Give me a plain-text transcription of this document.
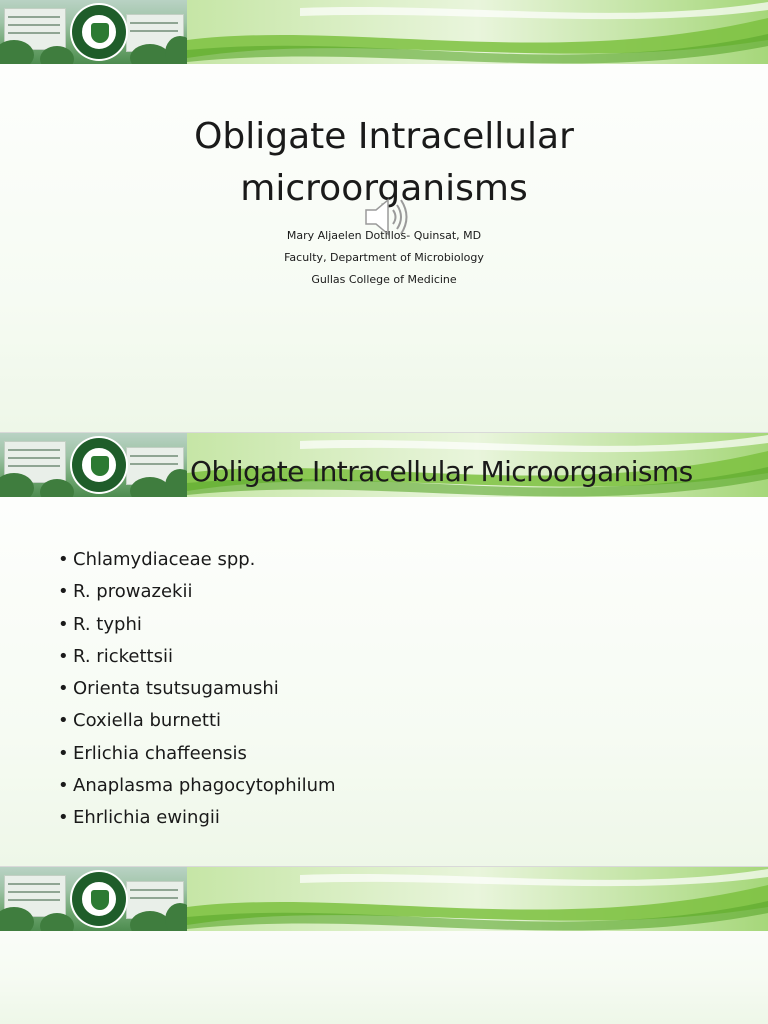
Obligate Intracellular
microorganisms
Mary Aljaelen Dotillos- Quinsat, MD
Faculty, Department of Microbiology
Gullas College of Medicine
Obligate Intracellular Microorganisms
• Chlamydiaceae spp.
• R. prowazekii
• R. typhi
• R. rickettsii
• Orienta tsutsugamushi
• Coxiella burnetti
• Erlichia chaffeensis
• Anaplasma phagocytophilum
• Ehrlichia ewingii
